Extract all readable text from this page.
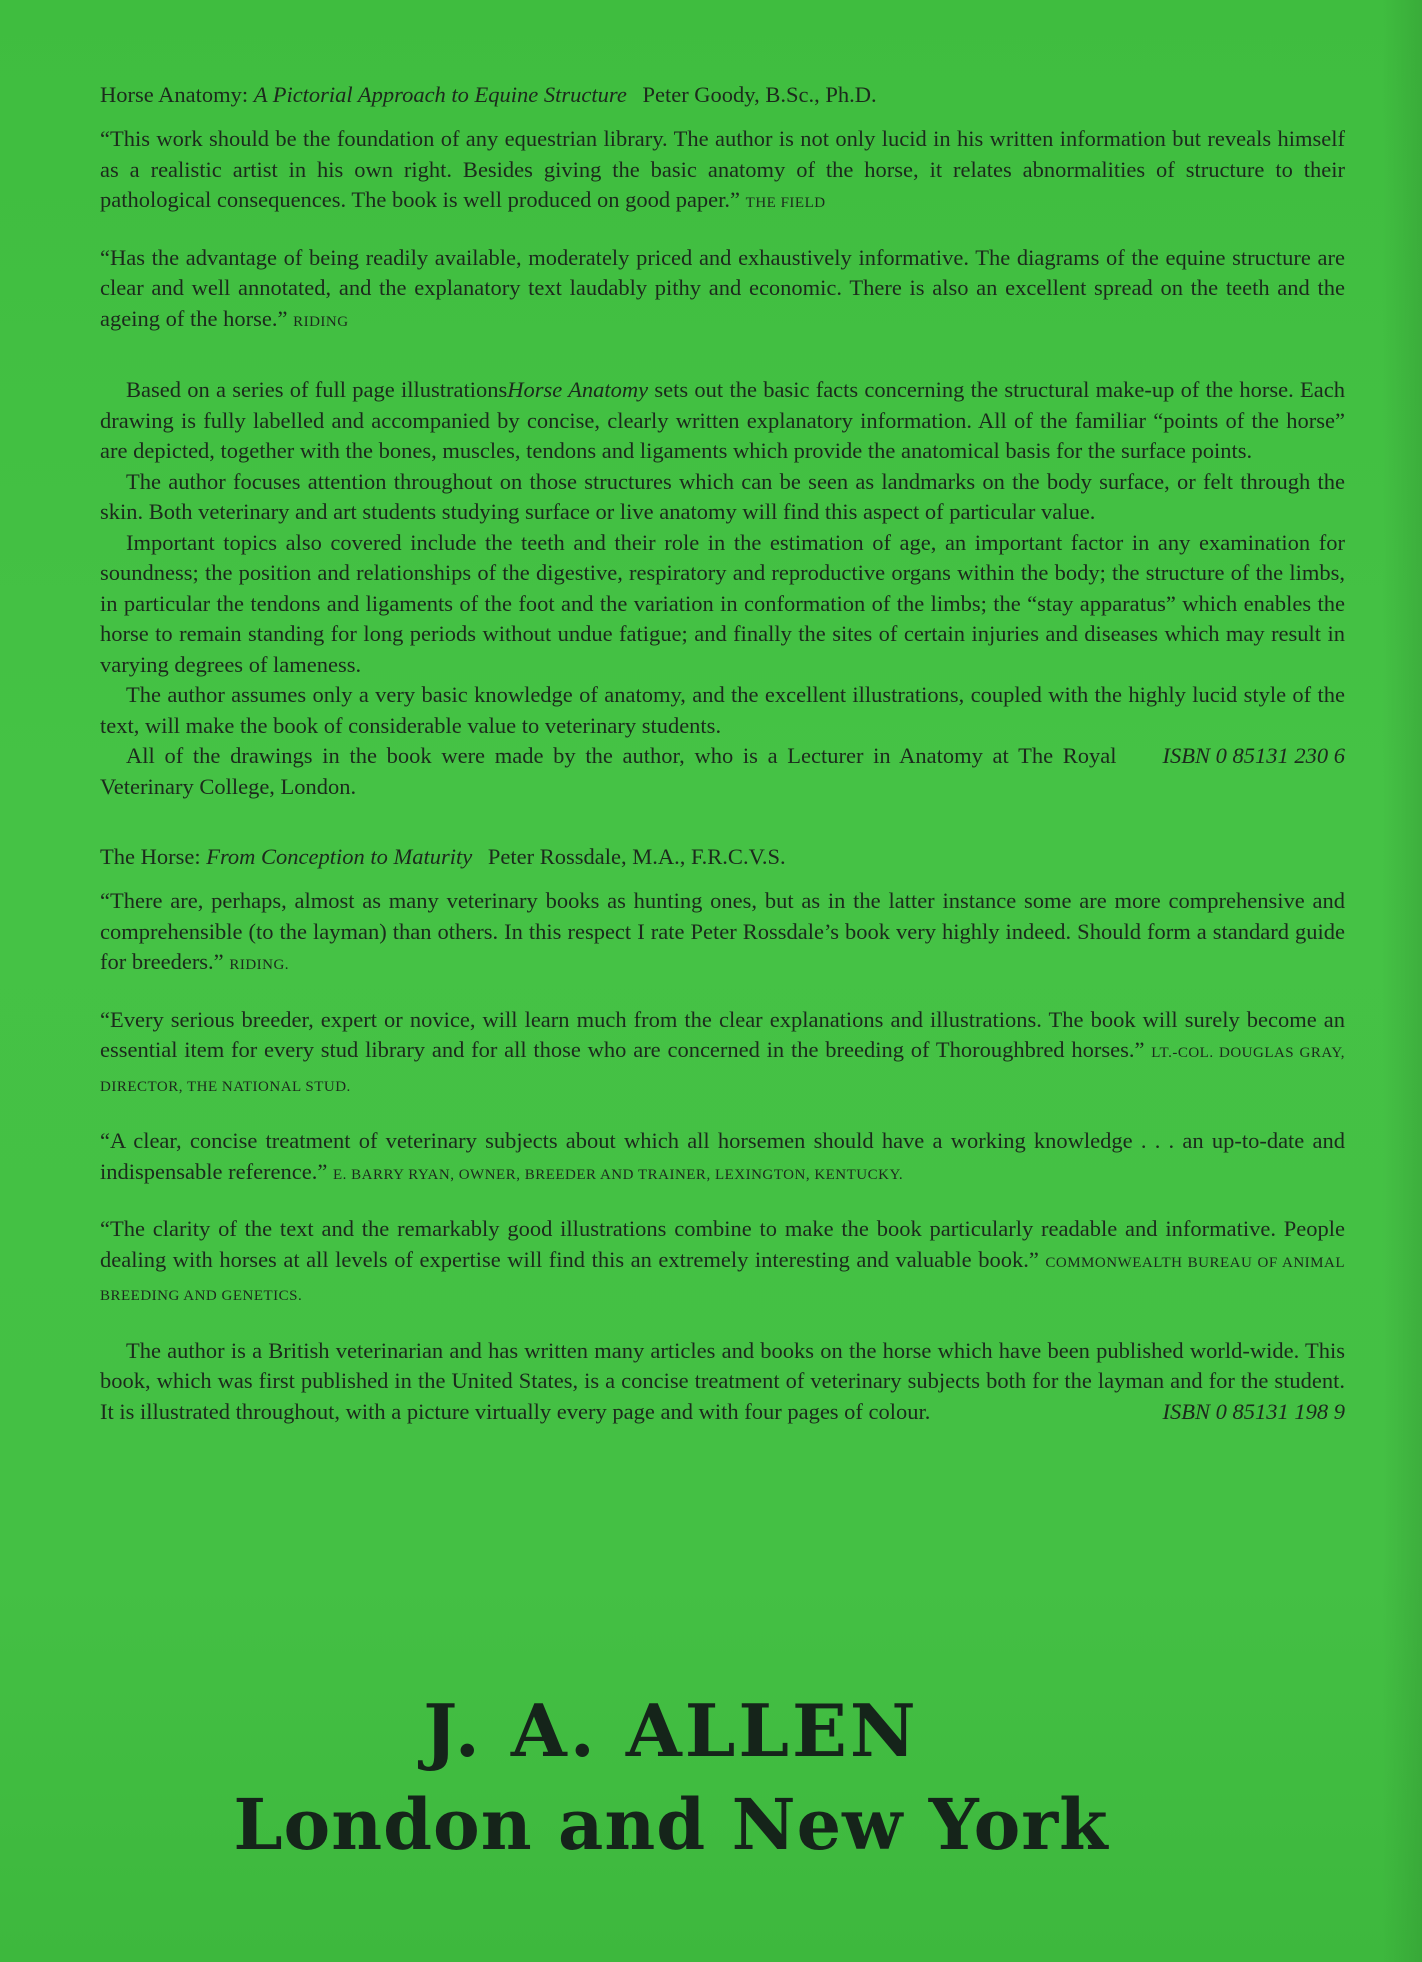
Horse Anatomy: A Pictorial Approach to Equine Structure Peter Goody, B.Sc., Ph.D.

“This work should be the foundation of any equestrian library. The author is not only lucid in his written information but reveals himself as a realistic artist in his own right. Besides giving the basic anatomy of the horse, it relates abnormalities of structure to their pathological consequences. The book is well produced on good paper.” THE FIELD

“Has the advantage of being readily available, moderately priced and exhaustively informative. The diagrams of the equine structure are clear and well annotated, and the explanatory text laudably pithy and economic. There is also an excellent spread on the teeth and the ageing of the horse.” RIDING

Based on a series of full page illustrationsHorse Anatomy sets out the basic facts concerning the structural make-up of the horse. Each drawing is fully labelled and accompanied by concise, clearly written explanatory information. All of the familiar “points of the horse” are depicted, together with the bones, muscles, tendons and ligaments which provide the anatomical basis for the surface points.

The author focuses attention throughout on those structures which can be seen as landmarks on the body surface, or felt through the skin. Both veterinary and art students studying surface or live anatomy will find this aspect of particular value.

Important topics also covered include the teeth and their role in the estimation of age, an important factor in any examination for soundness; the position and relationships of the digestive, respiratory and reproductive organs within the body; the structure of the limbs, in particular the tendons and ligaments of the foot and the variation in conformation of the limbs; the “stay apparatus” which enables the horse to remain standing for long periods without undue fatigue; and finally the sites of certain injuries and diseases which may result in varying degrees of lameness.

The author assumes only a very basic knowledge of anatomy, and the excellent illustrations, coupled with the highly lucid style of the text, will make the book of considerable value to veterinary students.

ISBN 0 85131 230 6
All of the drawings in the book were made by the author, who is a Lecturer in Anatomy at The Royal Veterinary College, London.

The Horse: From Conception to Maturity Peter Rossdale, M.A., F.R.C.V.S.

“There are, perhaps, almost as many veterinary books as hunting ones, but as in the latter instance some are more comprehensive and comprehensible (to the layman) than others. In this respect I rate Peter Rossdale’s book very highly indeed. Should form a standard guide for breeders.” RIDING.

“Every serious breeder, expert or novice, will learn much from the clear explanations and illustrations. The book will surely become an essential item for every stud library and for all those who are concerned in the breeding of Thoroughbred horses.” LT.-COL. DOUGLAS GRAY, DIRECTOR, THE NATIONAL STUD.

“A clear, concise treatment of veterinary subjects about which all horsemen should have a working knowledge . . . an up-to-date and indispensable reference.” E. BARRY RYAN, OWNER, BREEDER AND TRAINER, LEXINGTON, KENTUCKY.

“The clarity of the text and the remarkably good illustrations combine to make the book particularly readable and informative. People dealing with horses at all levels of expertise will find this an extremely interesting and valuable book.” COMMONWEALTH BUREAU OF ANIMAL BREEDING AND GENETICS.

The author is a British veterinarian and has written many articles and books on the horse which have been published world-wide. This book, which was first published in the United States, is a concise treatment of veterinary subjects both for the layman and for the student. It is illustrated throughout, with a picture virtually every page and with four pages of colour.	ISBN 0 85131 198 9

J. A. ALLEN
London and New York
